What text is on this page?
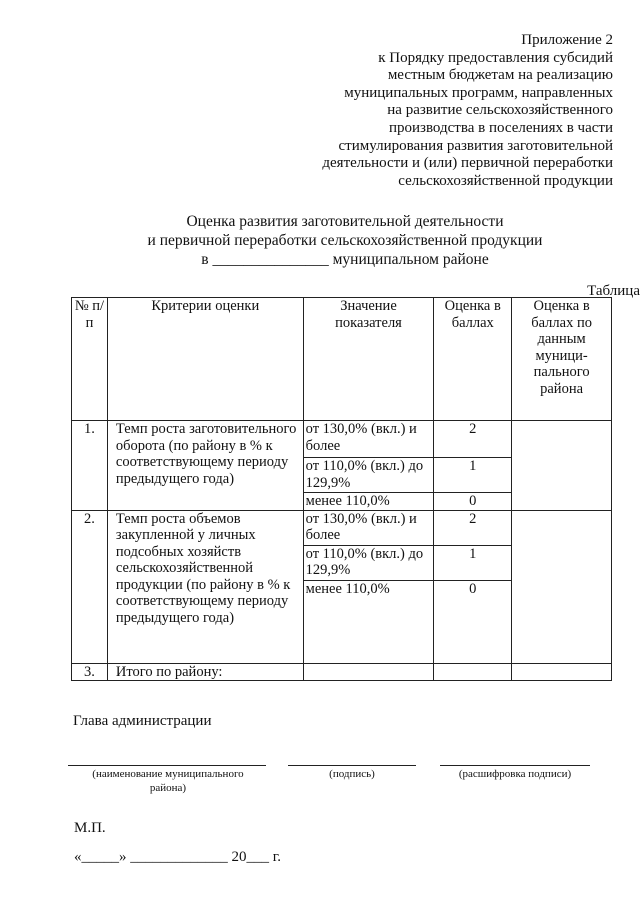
Приложение 2
к Порядку предоставления субсидий
местным бюджетам на реализацию
муниципальных программ, направленных
на развитие сельскохозяйственного
производства в поселениях в части
стимулирования развития заготовительной
деятельности и (или) первичной переработки
сельскохозяйственной продукции
Оценка развития заготовительной деятельности
и первичной переработки сельскохозяйственной продукции
в _______________ муниципальном районе
Таблица
№ п/п	Критерии оценки	Значение показателя	Оценка в баллах	Оценка в баллах по данным муници-пального района
1.	Темп роста заготовительного оборота (по району в % к соответствующему периоду предыдущего года)	от 130,0% (вкл.) и более	2	
		от 110,0% (вкл.) до 129,9%	1	
		менее 110,0%	0	
2.	Темп роста объемов закупленной у личных подсобных хозяйств сельскохозяйственной продукции (по району в % к соответствующему периоду предыдущего года)	от 130,0% (вкл.) и более	2	
		от 110,0% (вкл.) до 129,9%	1	
		менее 110,0%	0	
3.	Итого по району:			
Глава администрации
(наименование муниципального района)
(подпись)	(расшифровка подписи)
М.П.
«_____» _____________ 20___ г.
